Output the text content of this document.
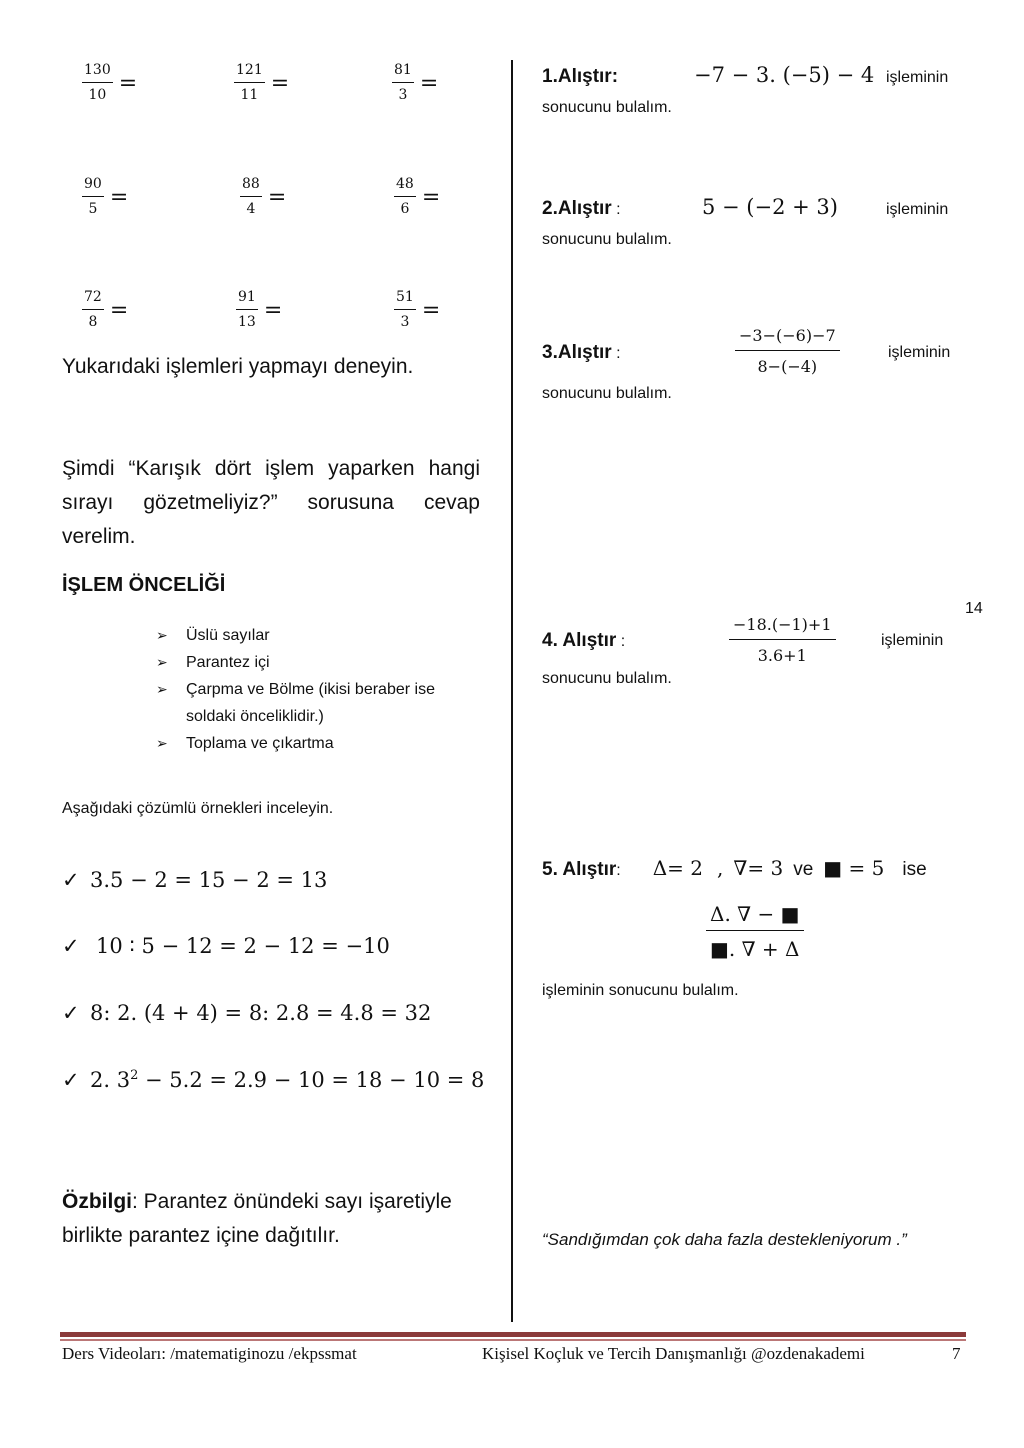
$\frac{130}{10}$ =	$\frac{121}{11}$ =	$\frac{81}{3}$ =
$\frac{90}{5}$ =	$\frac{88}{4}$ =	$\frac{48}{6}$ =
$\frac{72}{8}$ =	$\frac{91}{13}$ =	$\frac{51}{3}$ =
Yukarıdaki işlemleri yapmayı deneyin.
Şimdi “Karışık dört işlem yaparken hangi sırayı gözetmeliyiz?” sorusuna cevap verelim.
İŞLEM ÖNCELİĞİ
➢ Üslü sayılar
➢ Parantez içi
➢ Çarpma ve Bölme (ikisi beraber ise soldaki önceliklidir.)
➢ Toplama ve çıkartma
Aşağıdaki çözümlü örnekleri inceleyin.
✓ 3.5 − 2 = 15 − 2 = 13
✓ 10 ∶ 5 − 12 = 2 − 12 = −10
✓ 8: 2. (4 + 4) = 8: 2.8 = 4.8 = 32
✓ 2. $3^2 - 5.2 = 2.9 - 10 = 18 - 10 = 8$
Özbilgi: Parantez önündeki sayı işaretiyle birlikte parantez içine dağıtılır.
1.Alıştır:	−7 − 3. (−5) − 4 işleminin
sonucunu bulalım.
2.Alıştır :	5 − (−2 + 3)	işleminin
sonucunu bulalım.
3.Alıştır :	$\frac{-3-(-6)-7}{8-(-4)}$	işleminin
sonucunu bulalım.
14
4. Alıştır :	$\frac{-18.(-1)+1}{3.6+1}$	işleminin
sonucunu bulalım.
5. Alıştır : Δ= 2 , ∇= 3 ve ■ = 5 ise
$\frac{\Delta. \nabla - ■}{■. \nabla + \Delta}$
işleminin sonucunu bulalım.
“Sandığımdan çok daha fazla destekleniyorum .”
Ders Videoları: /matematiginozu /ekpssmat	Kişisel Koçluk ve Tercih Danışmanlığı @ozdenakademi	7
